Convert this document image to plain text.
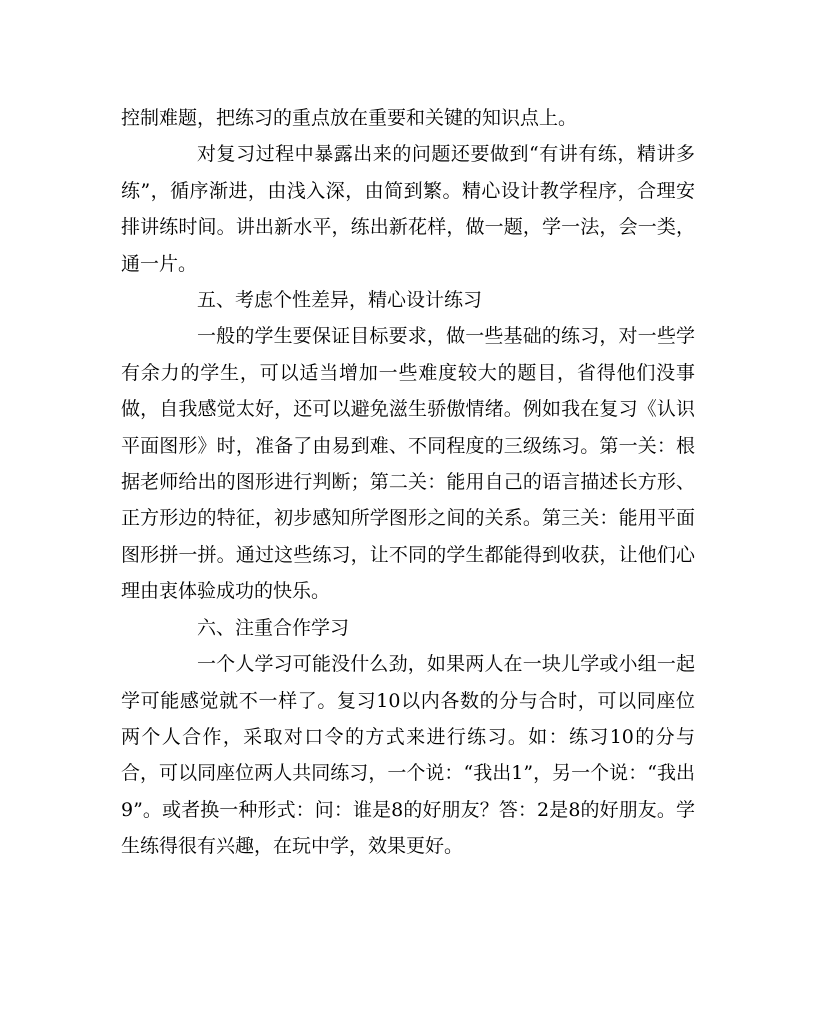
控制难题，把练习的重点放在重要和关键的知识点上。

对复习过程中暴露出来的问题还要做到“有讲有练，精讲多练”，循序渐进，由浅入深，由简到繁。精心设计教学程序，合理安排讲练时间。讲出新水平，练出新花样，做一题，学一法，会一类，通一片。

五、考虑个性差异，精心设计练习

一般的学生要保证目标要求，做一些基础的练习，对一些学有余力的学生，可以适当增加一些难度较大的题目，省得他们没事做，自我感觉太好，还可以避免滋生骄傲情绪。例如我在复习《认识平面图形》时，准备了由易到难、不同程度的三级练习。第一关：根据老师给出的图形进行判断；第二关：能用自己的语言描述长方形、正方形边的特征，初步感知所学图形之间的关系。第三关：能用平面图形拼一拼。通过这些练习，让不同的学生都能得到收获，让他们心理由衷体验成功的快乐。

六、注重合作学习

一个人学习可能没什么劲，如果两人在一块儿学或小组一起学可能感觉就不一样了。复习10以内各数的分与合时，可以同座位两个人合作，采取对口令的方式来进行练习。如：练习10的分与合，可以同座位两人共同练习，一个说：“我出1”，另一个说：“我出9”。或者换一种形式：问：谁是8的好朋友？答：2是8的好朋友。学生练得很有兴趣，在玩中学，效果更好。
